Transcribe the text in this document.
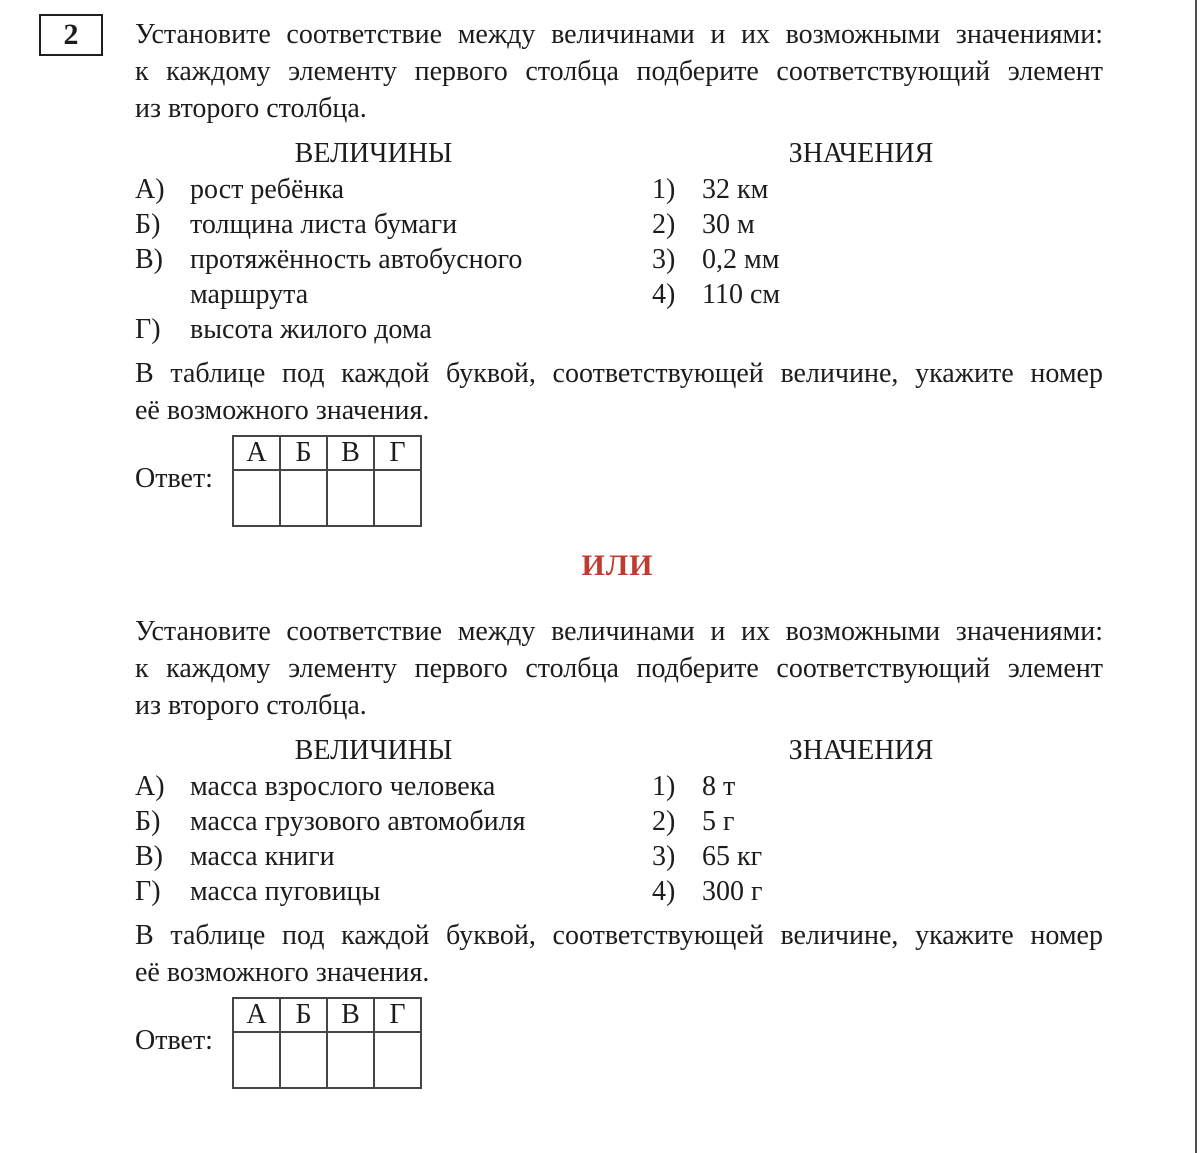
2 Установите соответствие между величинами и их возможными значениями:
к каждому элементу первого столбца подберите соответствующий элемент
из второго столбца.
ВЕЛИЧИНЫ	ЗНАЧЕНИЯ
А) рост ребёнка
Б)	толщина листа бумаги
В) протяжённость автобусного
маршрута
Г)	высота жилого дома
1) 32 км
2) 30 м
3) 0,2 мм
4) 110 см
В таблице под каждой буквой, соответствующей величине, укажите номер
её возможного значения.
Ответ:
А	Б	В	Г

ИЛИ
Установите соответствие между величинами и их возможными значениями:
к каждому элементу первого столбца подберите соответствующий элемент
из второго столбца.
ВЕЛИЧИНЫ	ЗНАЧЕНИЯ
А) масса взрослого человека
Б)	масса грузового автомобиля
В) масса книги
Г)	масса пуговицы
1) 8 т
2) 5 г
3) 65 кг
4) 300 г
В таблице под каждой буквой, соответствующей величине, укажите номер
её возможного значения.
Ответ:
А	Б	В	Г
